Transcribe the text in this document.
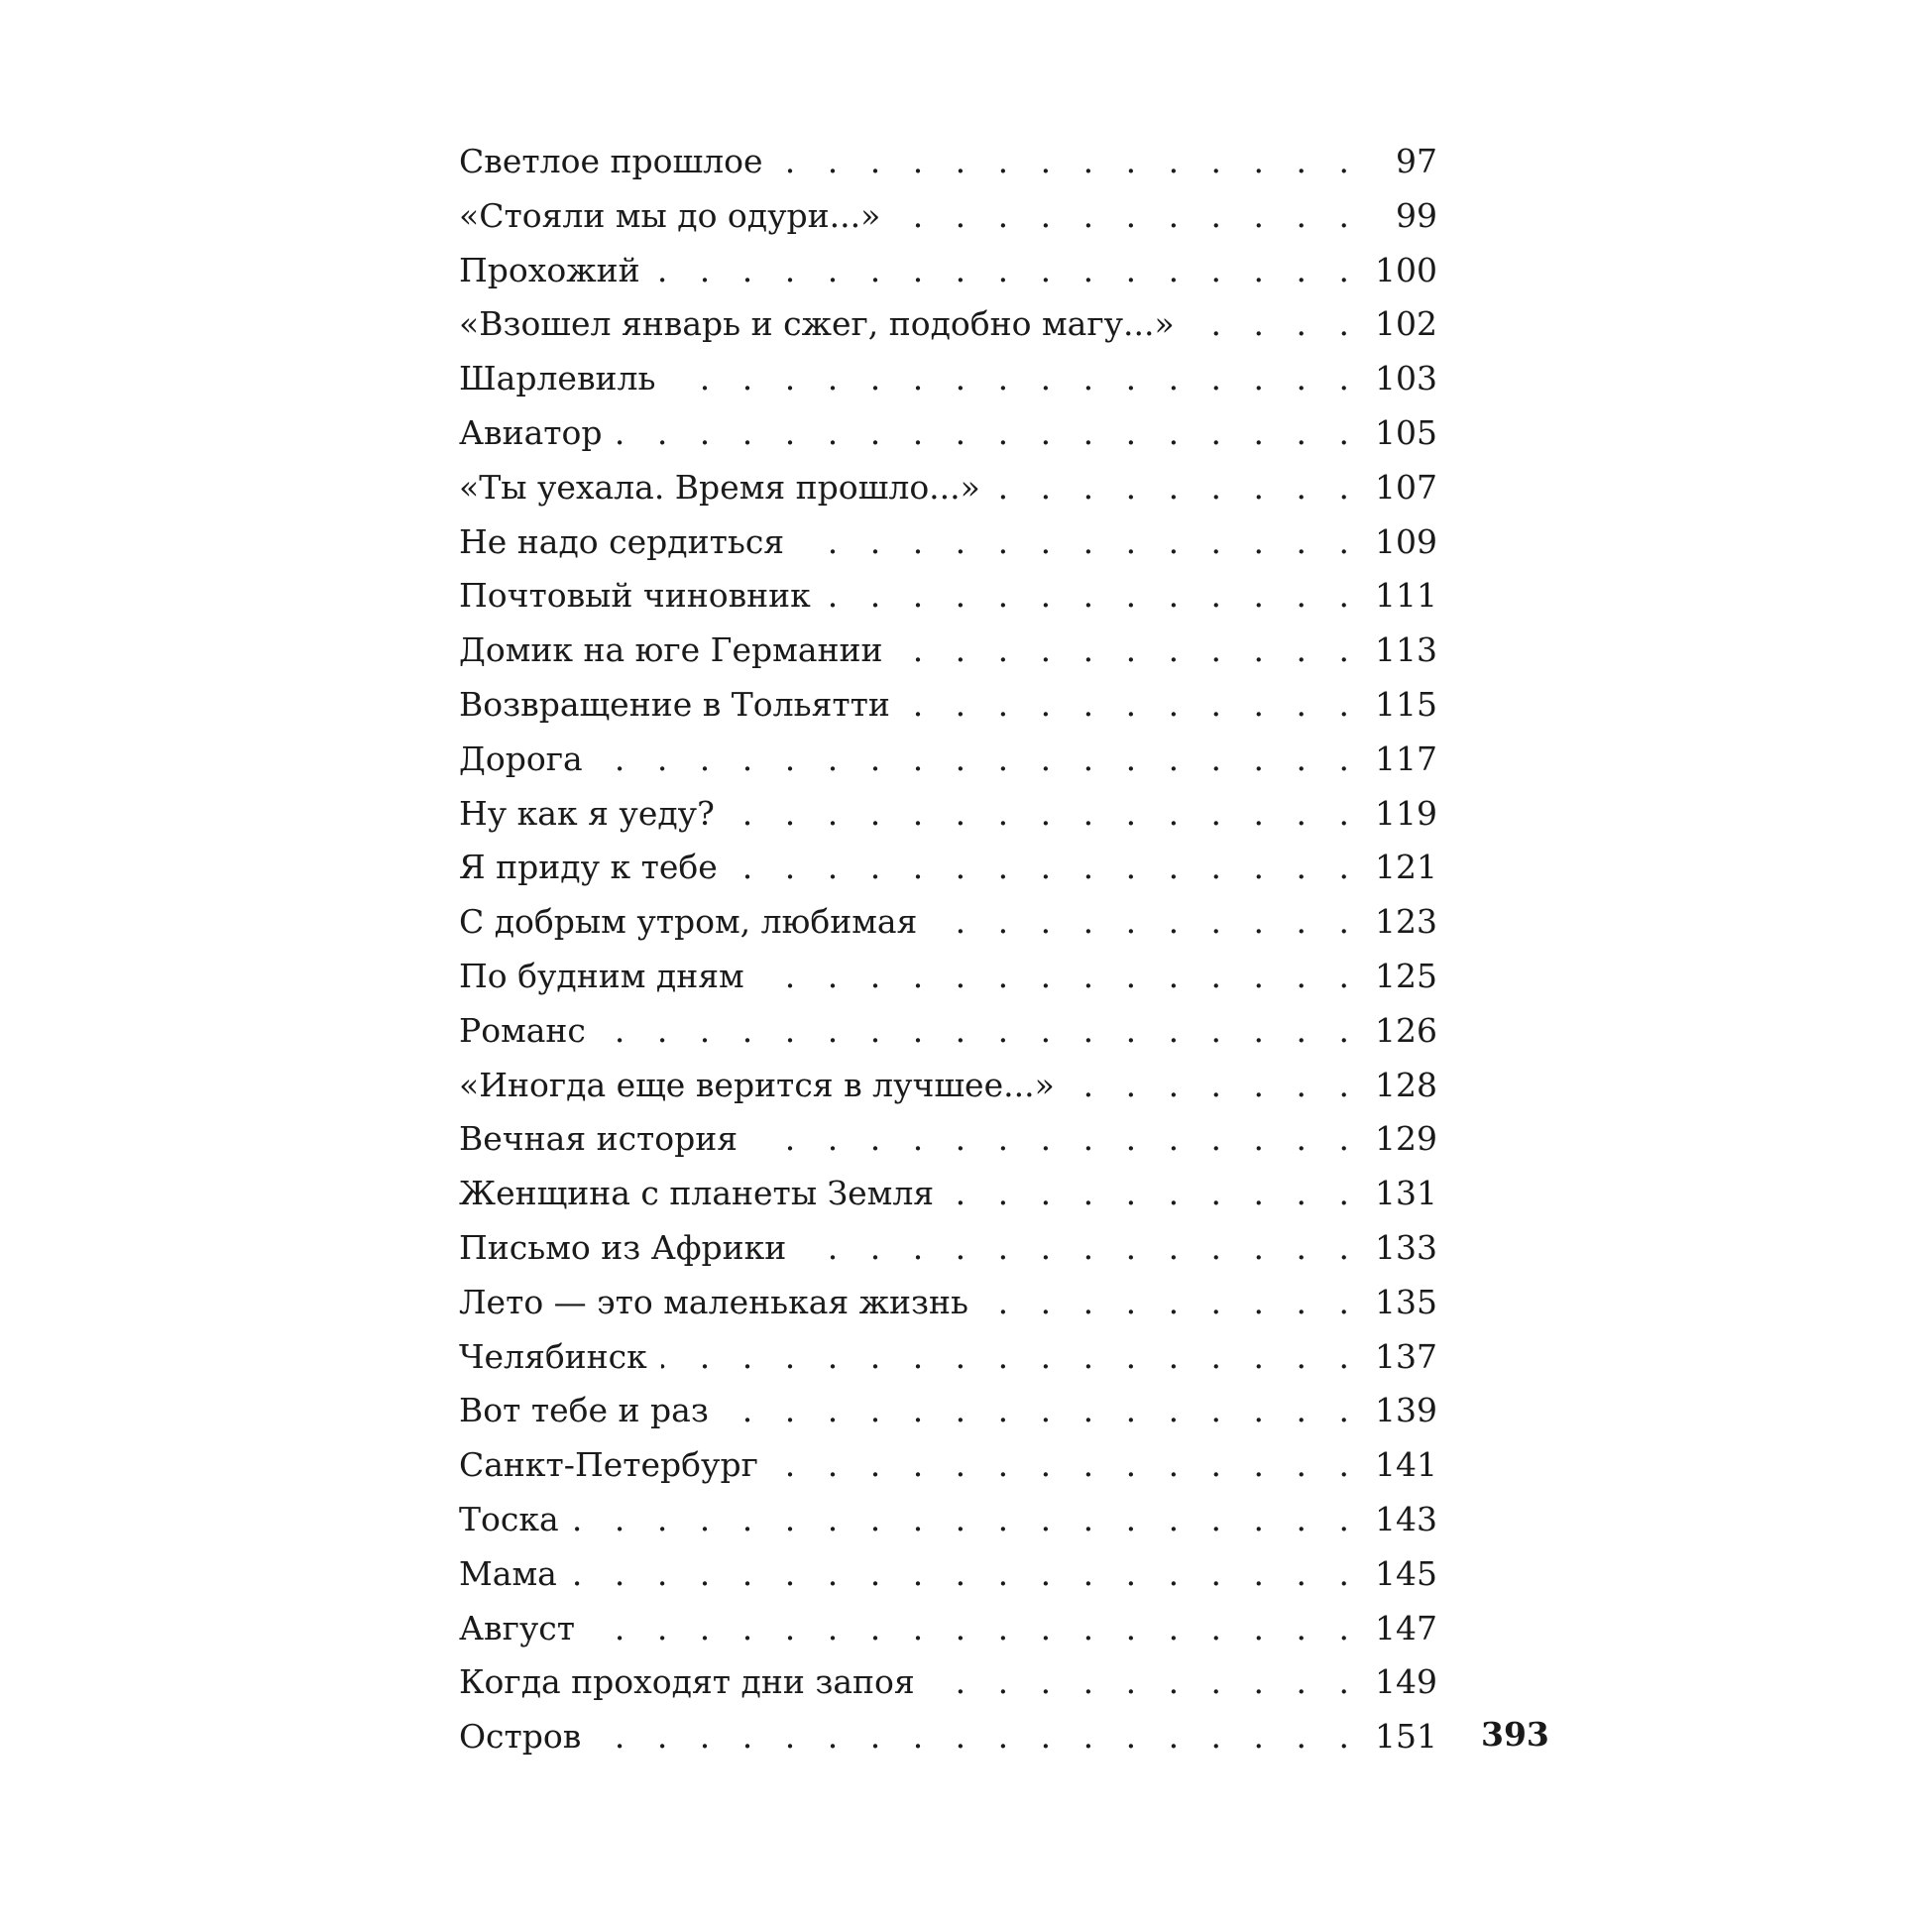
Светлое прошлое . . .	97
«Стояли мы до одури...» . . .	99
Прохожий . . .	100
«Взошел январь и сжег, подобно магу...» . . .	102
Шарлевиль . . .	103
Авиатор . . .	105
«Ты уехала. Время прошло...» . . .	107
Не надо сердиться . . .	109
Почтовый чиновник . . .	111
Домик на юге Германии . . .	113
Возвращение в Тольятти . . .	115
Дорога . . .	117
Ну как я уеду? . . .	119
Я приду к тебе . . .	121
С добрым утром, любимая . . .	123
По будним дням . . .	125
Романс . . .	126
«Иногда еще верится в лучшее...» . . .	128
Вечная история . . .	129
Женщина с планеты Земля . . .	131
Письмо из Африки . . .	133
Лето — это маленькая жизнь . . .	135
Челябинск . . .	137
Вот тебе и раз . . .	139
Санкт-Петербург . . .	141
Тоска . . .	143
Мама . . .	145
Август . . .	147
Когда проходят дни запоя . . .	149
Остров . . .	151 393
